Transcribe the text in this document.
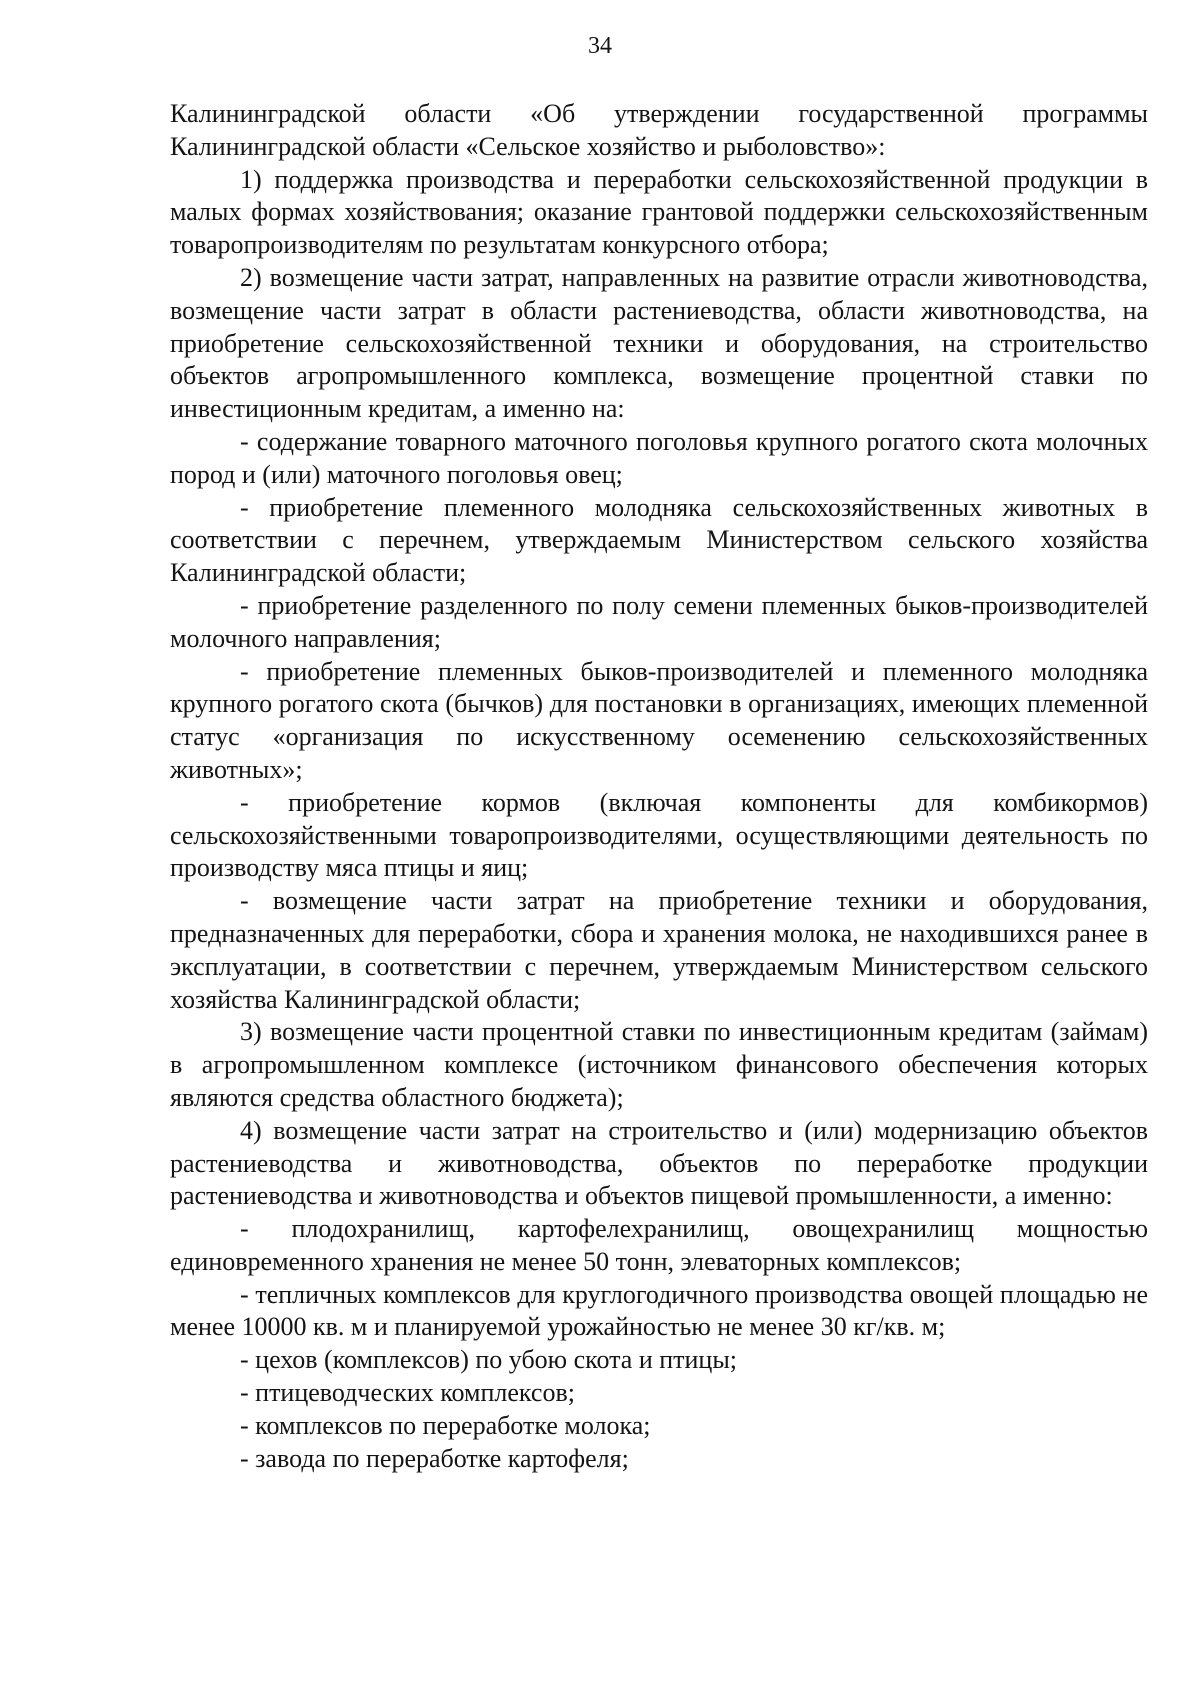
34

Калининградской области «Об утверждении государственной программы Калининградской области «Сельское хозяйство и рыболовство»:

1) поддержка производства и переработки сельскохозяйственной продукции в малых формах хозяйствования; оказание грантовой поддержки сельскохозяйственным товаропроизводителям по результатам конкурсного отбора;

2) возмещение части затрат, направленных на развитие отрасли животноводства, возмещение части затрат в области растениеводства, области животноводства, на приобретение сельскохозяйственной техники и оборудования, на строительство объектов агропромышленного комплекса, возмещение процентной ставки по инвестиционным кредитам, а именно на:

- содержание товарного маточного поголовья крупного рогатого скота молочных пород и (или) маточного поголовья овец;

- приобретение племенного молодняка сельскохозяйственных животных в соответствии с перечнем, утверждаемым Министерством сельского хозяйства Калининградской области;

- приобретение разделенного по полу семени племенных быков-производителей молочного направления;

- приобретение племенных быков-производителей и племенного молодняка крупного рогатого скота (бычков) для постановки в организациях, имеющих племенной статус «организация по искусственному осеменению сельскохозяйственных животных»;

- приобретение кормов (включая компоненты для комбикормов) сельскохозяйственными товаропроизводителями, осуществляющими деятельность по производству мяса птицы и яиц;

- возмещение части затрат на приобретение техники и оборудования, предназначенных для переработки, сбора и хранения молока, не находившихся ранее в эксплуатации, в соответствии с перечнем, утверждаемым Министерством сельского хозяйства Калининградской области;

3) возмещение части процентной ставки по инвестиционным кредитам (займам) в агропромышленном комплексе (источником финансового обеспечения которых являются средства областного бюджета);

4) возмещение части затрат на строительство и (или) модернизацию объектов растениеводства и животноводства, объектов по переработке продукции растениеводства и животноводства и объектов пищевой промышленности, а именно:

- плодохранилищ, картофелехранилищ, овощехранилищ мощностью единовременного хранения не менее 50 тонн, элеваторных комплексов;

- тепличных комплексов для круглогодичного производства овощей площадью не менее 10000 кв. м и планируемой урожайностью не менее 30 кг/кв. м;

- цехов (комплексов) по убою скота и птицы;

- птицеводческих комплексов;

- комплексов по переработке молока;

- завода по переработке картофеля;
